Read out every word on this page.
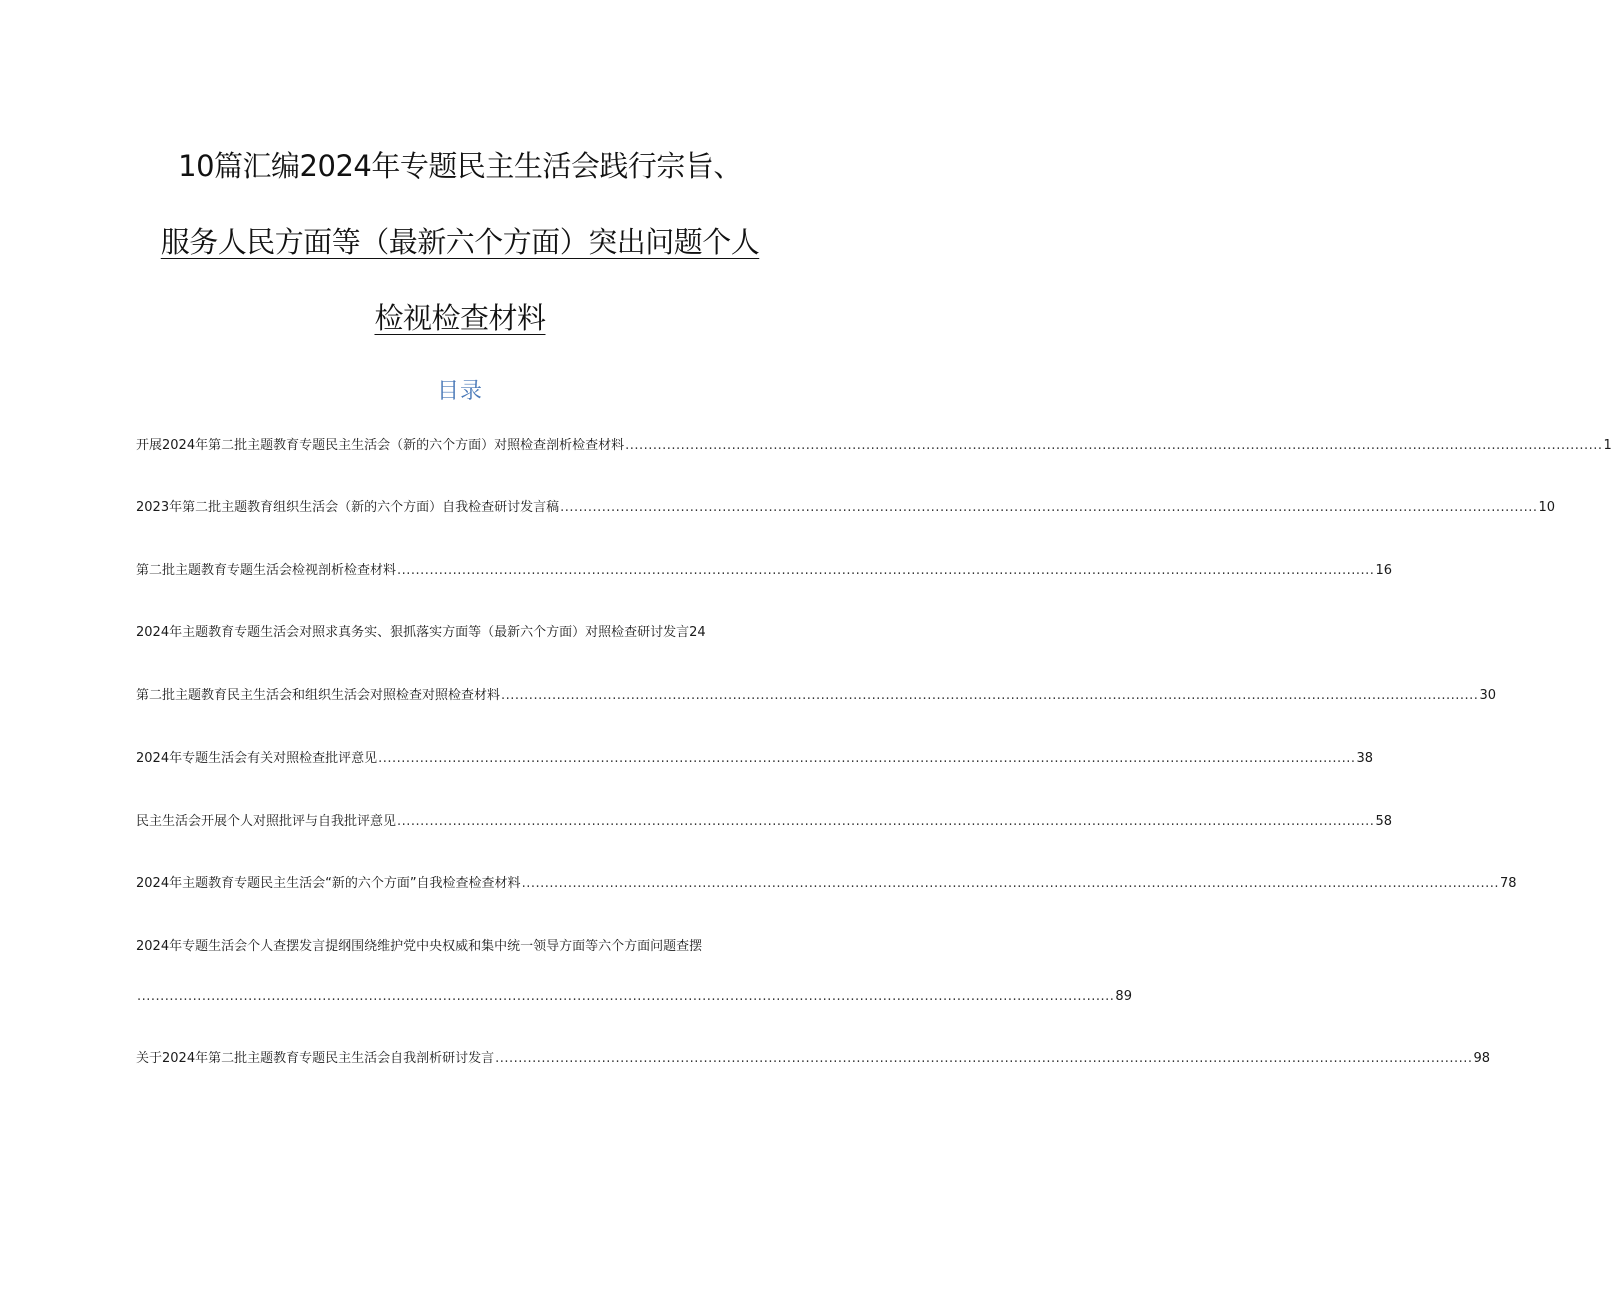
10篇汇编2024年专题民主生活会践行宗旨、
服务人民方面等（最新六个方面）突出问题个人
检视检查材料
目录
开展2024年第二批主题教育专题民主生活会（新的六个方面）对照检查剖析检查材料 ................................................................................................................................................................................................................... 1
2023年第二批主题教育组织生活会（新的六个方面）自我检查研讨发言稿 ................................................................................................................................................................................................................... 10
第二批主题教育专题生活会检视剖析检查材料 ................................................................................................................................................................................................................... 16
2024年主题教育专题生活会对照求真务实、狠抓落实方面等（最新六个方面）对照检查研讨发言 24
第二批主题教育民主生活会和组织生活会对照检查对照检查材料 ................................................................................................................................................................................................................... 30
2024年专题生活会有关对照检查批评意见 ................................................................................................................................................................................................................... 38
民主生活会开展个人对照批评与自我批评意见 ................................................................................................................................................................................................................... 58
2024年主题教育专题民主生活会“新的六个方面”自我检查检查材料 ................................................................................................................................................................................................................... 78
2024年专题生活会个人查摆发言提纲围绕维护党中央权威和集中统一领导方面等六个方面问题查摆
................................................................................................................................................................................................................... 89
关于2024年第二批主题教育专题民主生活会自我剖析研讨发言 ................................................................................................................................................................................................................... 98
